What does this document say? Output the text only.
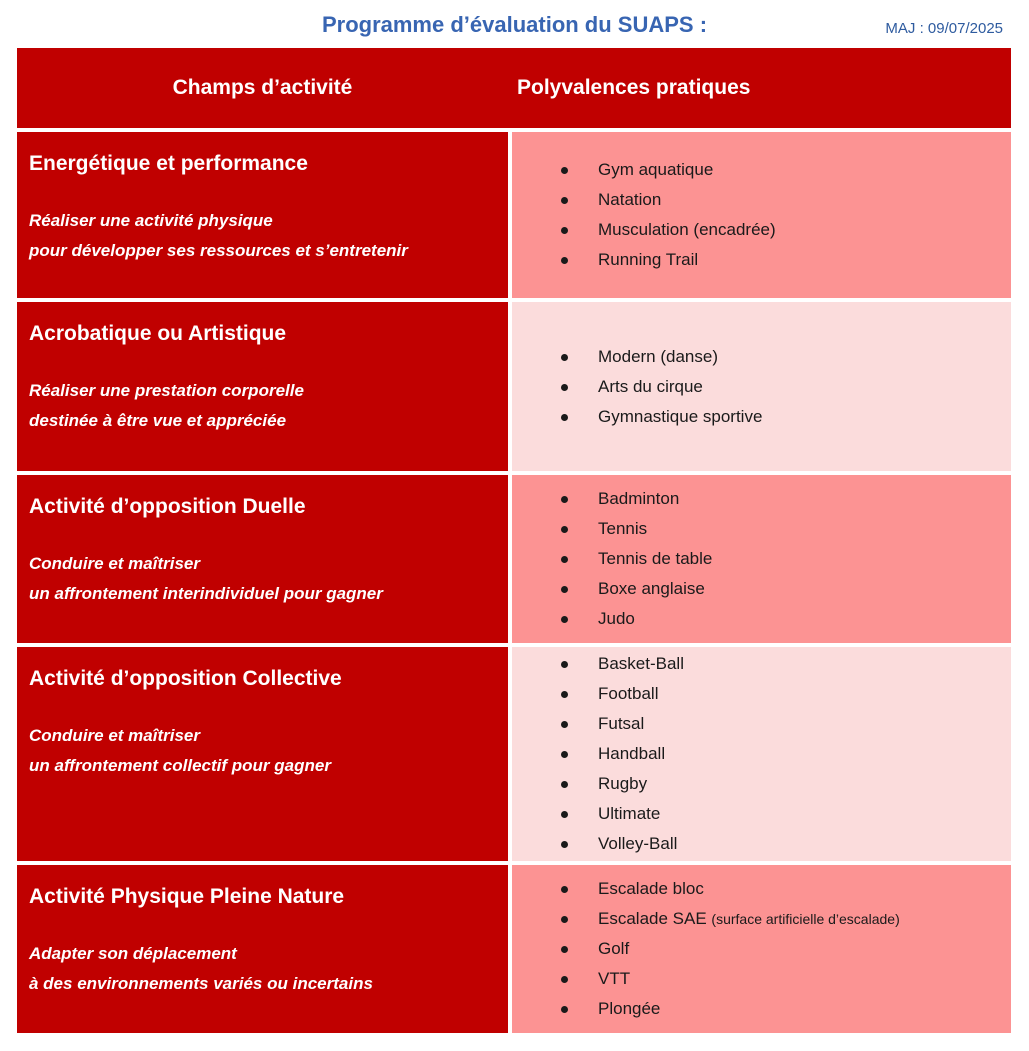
Programme d’évaluation du SUAPS :	MAJ : 09/07/2025
Champs d’activité	Polyvalences pratiques
Energétique et performance
Réaliser une activité physique
pour développer ses ressources et s’entretenir
Gym aquatique
Natation
Musculation (encadrée)
Running Trail
Acrobatique ou Artistique
Réaliser une prestation corporelle
destinée à être vue et appréciée
Modern (danse)
Arts du cirque
Gymnastique sportive
Activité d’opposition Duelle
Conduire et maîtriser
un affrontement interindividuel pour gagner
Badminton
Tennis
Tennis de table
Boxe anglaise
Judo
Activité d’opposition Collective
Conduire et maîtriser
un affrontement collectif pour gagner
Basket-Ball
Football
Futsal
Handball
Rugby
Ultimate
Volley-Ball
Activité Physique Pleine Nature
Adapter son déplacement
à des environnements variés ou incertains
Escalade bloc
Escalade SAE (surface artificielle d’escalade)
Golf
VTT
Plongée
